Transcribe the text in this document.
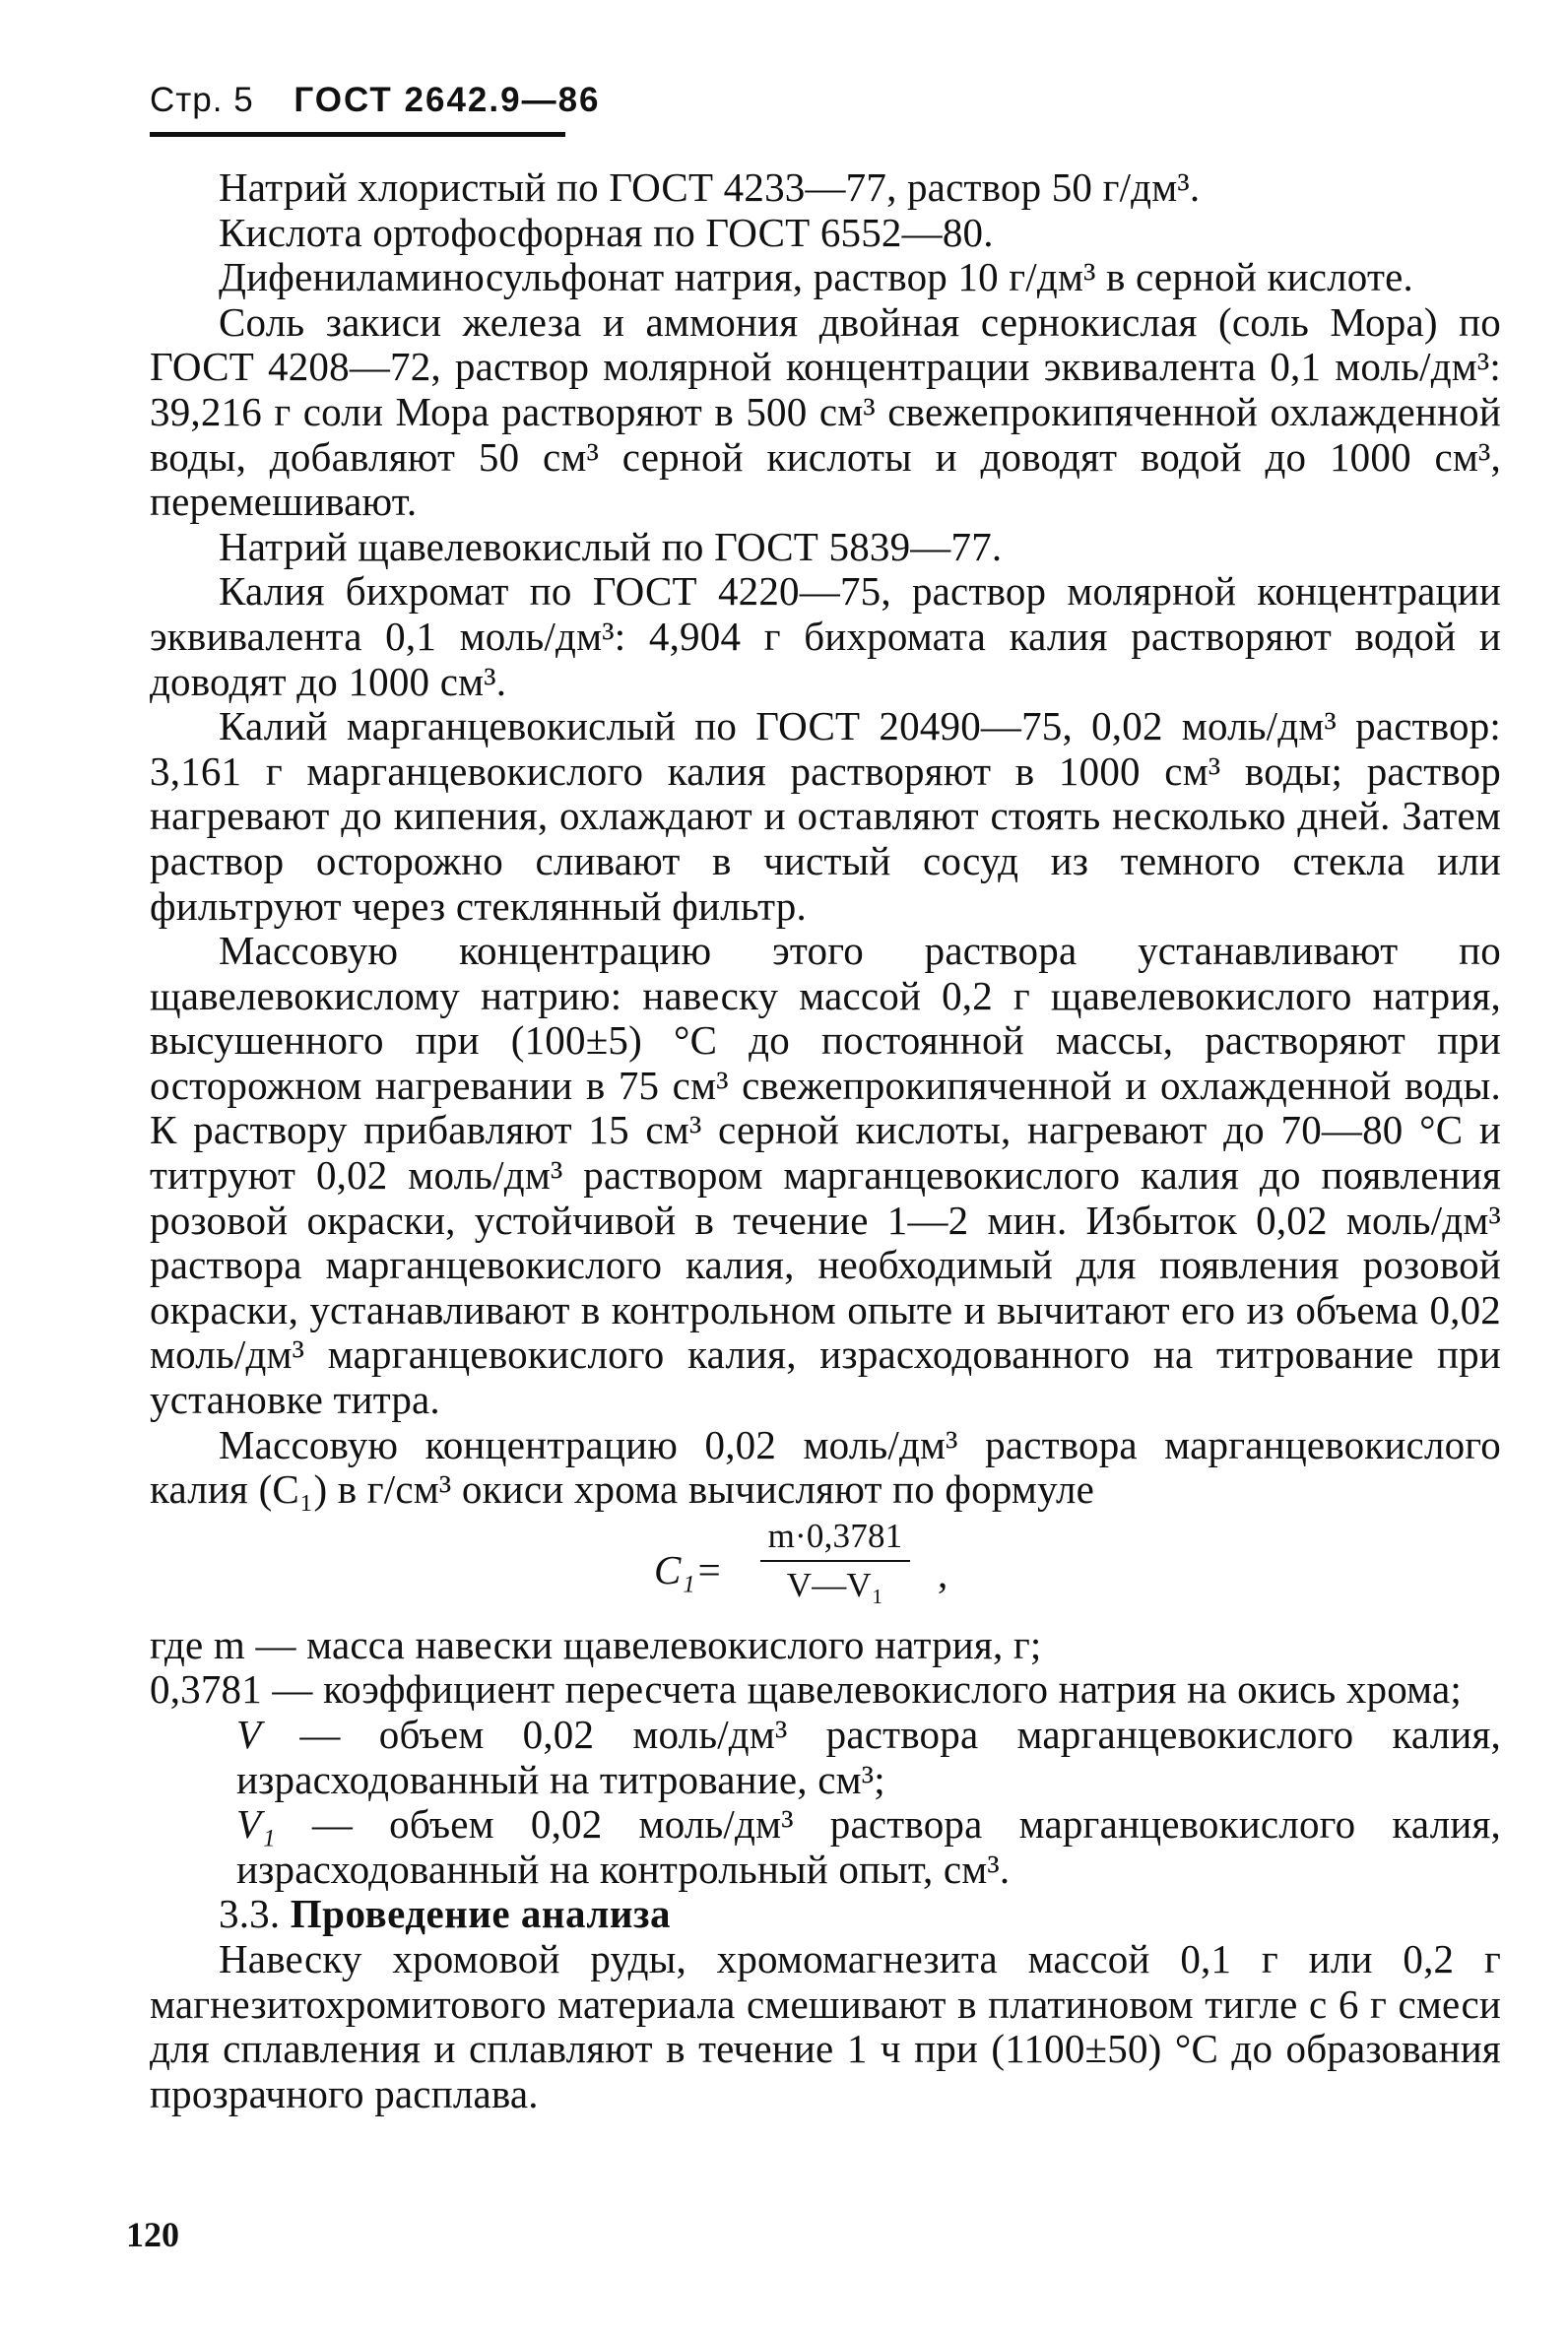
Стр. 5 ГОСТ 2642.9—86

Натрий хлористый по ГОСТ 4233—77, раствор 50 г/дм³.

Кислота ортофосфорная по ГОСТ 6552—80.

Дифениламиносульфонат натрия, раствор 10 г/дм³ в серной кислоте.

Соль закиси железа и аммония двойная сернокислая (соль Мора) по ГОСТ 4208—72, раствор молярной концентрации эквивалента 0,1 моль/дм³: 39,216 г соли Мора растворяют в 500 см³ свежепрокипяченной охлажденной воды, добавляют 50 см³ серной кислоты и доводят водой до 1000 см³, перемешивают.

Натрий щавелевокислый по ГОСТ 5839—77.

Калия бихромат по ГОСТ 4220—75, раствор молярной концентрации эквивалента 0,1 моль/дм³: 4,904 г бихромата калия растворяют водой и доводят до 1000 см³.

Калий марганцевокислый по ГОСТ 20490—75, 0,02 моль/дм³ раствор: 3,161 г марганцевокислого калия растворяют в 1000 см³ воды; раствор нагревают до кипения, охлаждают и оставляют стоять несколько дней. Затем раствор осторожно сливают в чистый сосуд из темного стекла или фильтруют через стеклянный фильтр.

Массовую концентрацию этого раствора устанавливают по щавелевокислому натрию: навеску массой 0,2 г щавелевокислого натрия, высушенного при (100±5) °С до постоянной массы, растворяют при осторожном нагревании в 75 см³ свежепрокипяченной и охлажденной воды. К раствору прибавляют 15 см³ серной кислоты, нагревают до 70—80 °С и титруют 0,02 моль/дм³ раствором марганцевокислого калия до появления розовой окраски, устойчивой в течение 1—2 мин. Избыток 0,02 моль/дм³ раствора марганцевокислого калия, необходимый для появления розовой окраски, устанавливают в контрольном опыте и вычитают его из объема 0,02 моль/дм³ марганцевокислого калия, израсходованного на титрование при установке титра.

Массовую концентрацию 0,02 моль/дм³ раствора марганцевокислого калия (C₁) в г/см³ окиси хрома вычисляют по формуле

$C_1= \frac{m\cdot 0,3781}{\text{V—V₁}}$ ,
где m — масса навески щавелевокислого натрия, г;
0,3781 — коэффициент пересчета щавелевокислого натрия на окись хрома;
V — объем 0,02 моль/дм³ раствора марганцевокислого калия, израсходованный на титрование, см³;
V₁ — объем 0,02 моль/дм³ раствора марганцевокислого калия, израсходованный на контрольный опыт, см³.

3.3. Проведение анализа

Навеску хромовой руды, хромомагнезита массой 0,1 г или 0,2 г магнезитохромитового материала смешивают в платиновом тигле с 6 г смеси для сплавления и сплавляют в течение 1 ч при (1100±50) °С до образования прозрачного расплава.

120
